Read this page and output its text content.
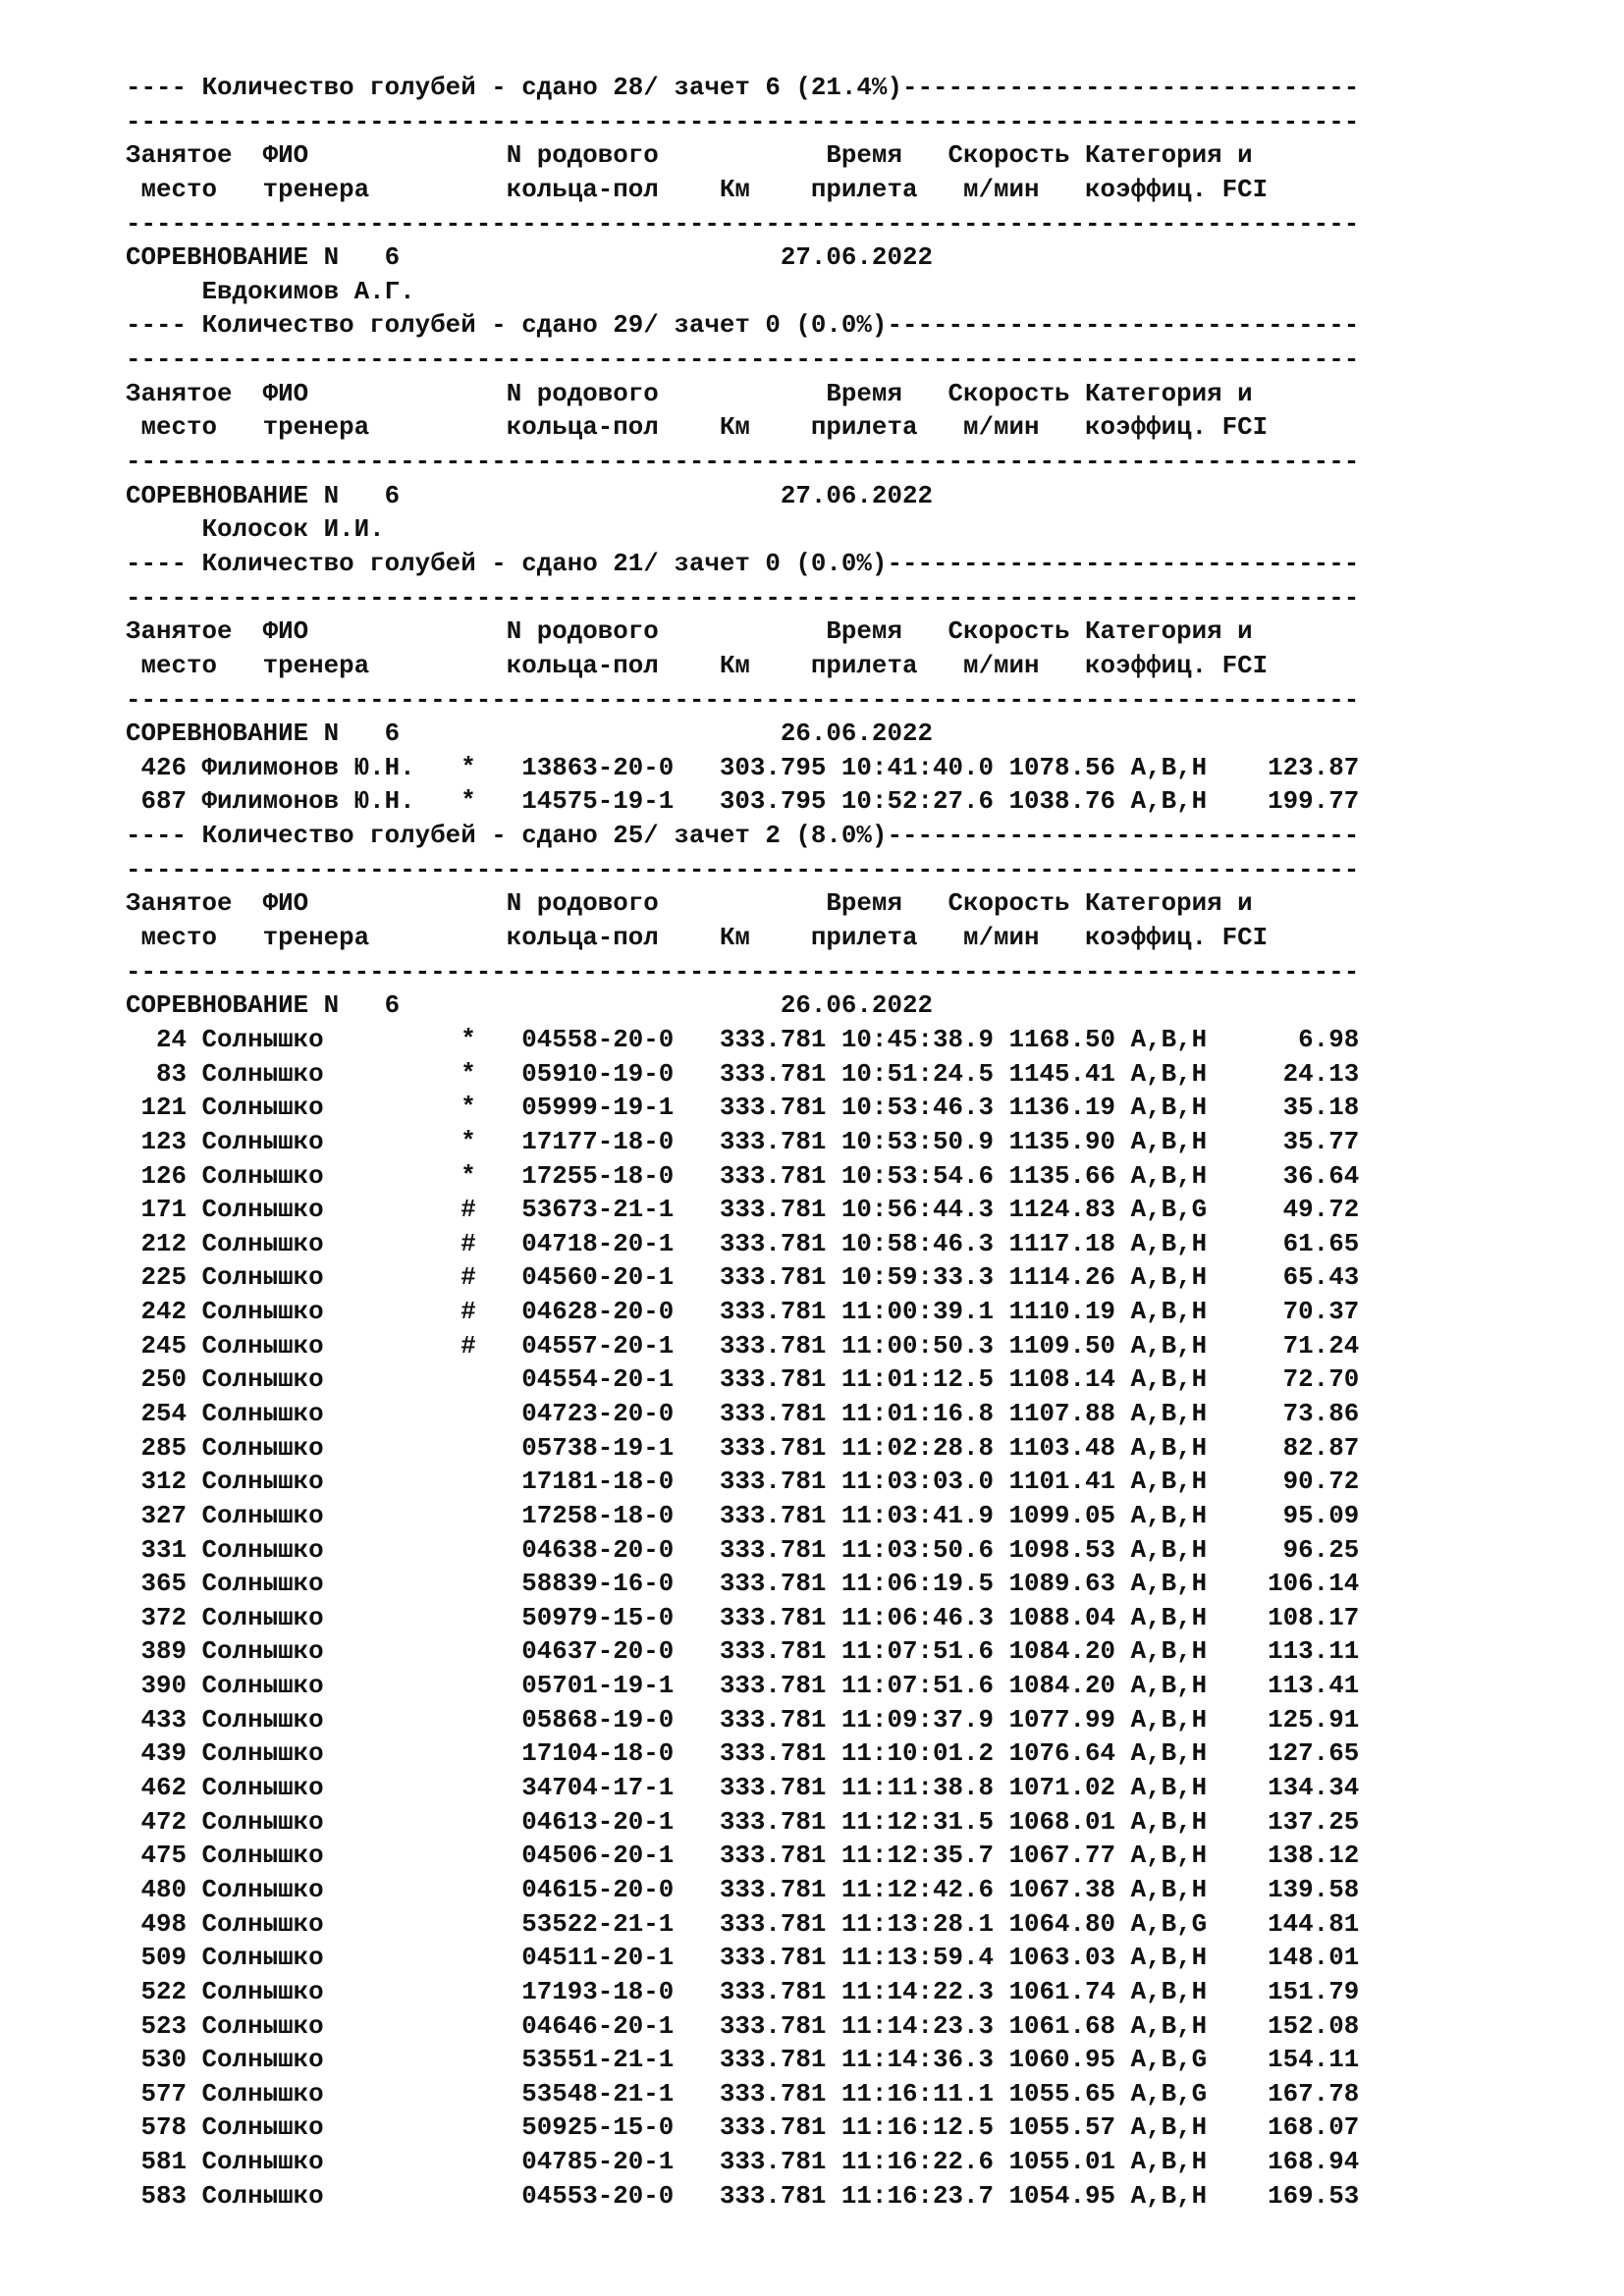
---- Количество голубей - сдано 28/ зачет 6 (21.4%)------------------------------
---------------------------------------------------------------------------------
Занятое  ФИО             N родового           Время   Скорость Категория и
место   тренера         кольца-пол    Км    прилета   м/мин   коэффиц. FCI
---------------------------------------------------------------------------------
СОРЕВНОВАНИЕ N   6                         27.06.2022
Евдокимов А.Г.
---- Количество голубей - сдано 29/ зачет 0 (0.0%)-------------------------------
---------------------------------------------------------------------------------
Занятое  ФИО             N родового           Время   Скорость Категория и
место   тренера         кольца-пол    Км    прилета   м/мин   коэффиц. FCI
---------------------------------------------------------------------------------
СОРЕВНОВАНИЕ N   6                         27.06.2022
Колосок И.И.
---- Количество голубей - сдано 21/ зачет 0 (0.0%)-------------------------------
---------------------------------------------------------------------------------
Занятое  ФИО             N родового           Время   Скорость Категория и
место   тренера         кольца-пол    Км    прилета   м/мин   коэффиц. FCI
---------------------------------------------------------------------------------
СОРЕВНОВАНИЕ N   6                         26.06.2022
426 Филимонов Ю.Н.   *   13863-20-0   303.795 10:41:40.0 1078.56 A,B,H    123.87
687 Филимонов Ю.Н.   *   14575-19-1   303.795 10:52:27.6 1038.76 A,B,H    199.77
---- Количество голубей - сдано 25/ зачет 2 (8.0%)-------------------------------
---------------------------------------------------------------------------------
Занятое  ФИО             N родового           Время   Скорость Категория и
место   тренера         кольца-пол    Км    прилета   м/мин   коэффиц. FCI
---------------------------------------------------------------------------------
СОРЕВНОВАНИЕ N   6                         26.06.2022
24 Солнышко         *   04558-20-0   333.781 10:45:38.9 1168.50 A,B,H      6.98
83 Солнышко         *   05910-19-0   333.781 10:51:24.5 1145.41 A,B,H     24.13
121 Солнышко         *   05999-19-1   333.781 10:53:46.3 1136.19 A,B,H     35.18
123 Солнышко         *   17177-18-0   333.781 10:53:50.9 1135.90 A,B,H     35.77
126 Солнышко         *   17255-18-0   333.781 10:53:54.6 1135.66 A,B,H     36.64
171 Солнышко         #   53673-21-1   333.781 10:56:44.3 1124.83 A,B,G     49.72
212 Солнышко         #   04718-20-1   333.781 10:58:46.3 1117.18 A,B,H     61.65
225 Солнышко         #   04560-20-1   333.781 10:59:33.3 1114.26 A,B,H     65.43
242 Солнышко         #   04628-20-0   333.781 11:00:39.1 1110.19 A,B,H     70.37
245 Солнышко         #   04557-20-1   333.781 11:00:50.3 1109.50 A,B,H     71.24
250 Солнышко             04554-20-1   333.781 11:01:12.5 1108.14 A,B,H     72.70
254 Солнышко             04723-20-0   333.781 11:01:16.8 1107.88 A,B,H     73.86
285 Солнышко             05738-19-1   333.781 11:02:28.8 1103.48 A,B,H     82.87
312 Солнышко             17181-18-0   333.781 11:03:03.0 1101.41 A,B,H     90.72
327 Солнышко             17258-18-0   333.781 11:03:41.9 1099.05 A,B,H     95.09
331 Солнышко             04638-20-0   333.781 11:03:50.6 1098.53 A,B,H     96.25
365 Солнышко             58839-16-0   333.781 11:06:19.5 1089.63 A,B,H    106.14
372 Солнышко             50979-15-0   333.781 11:06:46.3 1088.04 A,B,H    108.17
389 Солнышко             04637-20-0   333.781 11:07:51.6 1084.20 A,B,H    113.11
390 Солнышко             05701-19-1   333.781 11:07:51.6 1084.20 A,B,H    113.41
433 Солнышко             05868-19-0   333.781 11:09:37.9 1077.99 A,B,H    125.91
439 Солнышко             17104-18-0   333.781 11:10:01.2 1076.64 A,B,H    127.65
462 Солнышко             34704-17-1   333.781 11:11:38.8 1071.02 A,B,H    134.34
472 Солнышко             04613-20-1   333.781 11:12:31.5 1068.01 A,B,H    137.25
475 Солнышко             04506-20-1   333.781 11:12:35.7 1067.77 A,B,H    138.12
480 Солнышко             04615-20-0   333.781 11:12:42.6 1067.38 A,B,H    139.58
498 Солнышко             53522-21-1   333.781 11:13:28.1 1064.80 A,B,G    144.81
509 Солнышко             04511-20-1   333.781 11:13:59.4 1063.03 A,B,H    148.01
522 Солнышко             17193-18-0   333.781 11:14:22.3 1061.74 A,B,H    151.79
523 Солнышко             04646-20-1   333.781 11:14:23.3 1061.68 A,B,H    152.08
530 Солнышко             53551-21-1   333.781 11:14:36.3 1060.95 A,B,G    154.11
577 Солнышко             53548-21-1   333.781 11:16:11.1 1055.65 A,B,G    167.78
578 Солнышко             50925-15-0   333.781 11:16:12.5 1055.57 A,B,H    168.07
581 Солнышко             04785-20-1   333.781 11:16:22.6 1055.01 A,B,H    168.94
583 Солнышко             04553-20-0   333.781 11:16:23.7 1054.95 A,B,H    169.53
